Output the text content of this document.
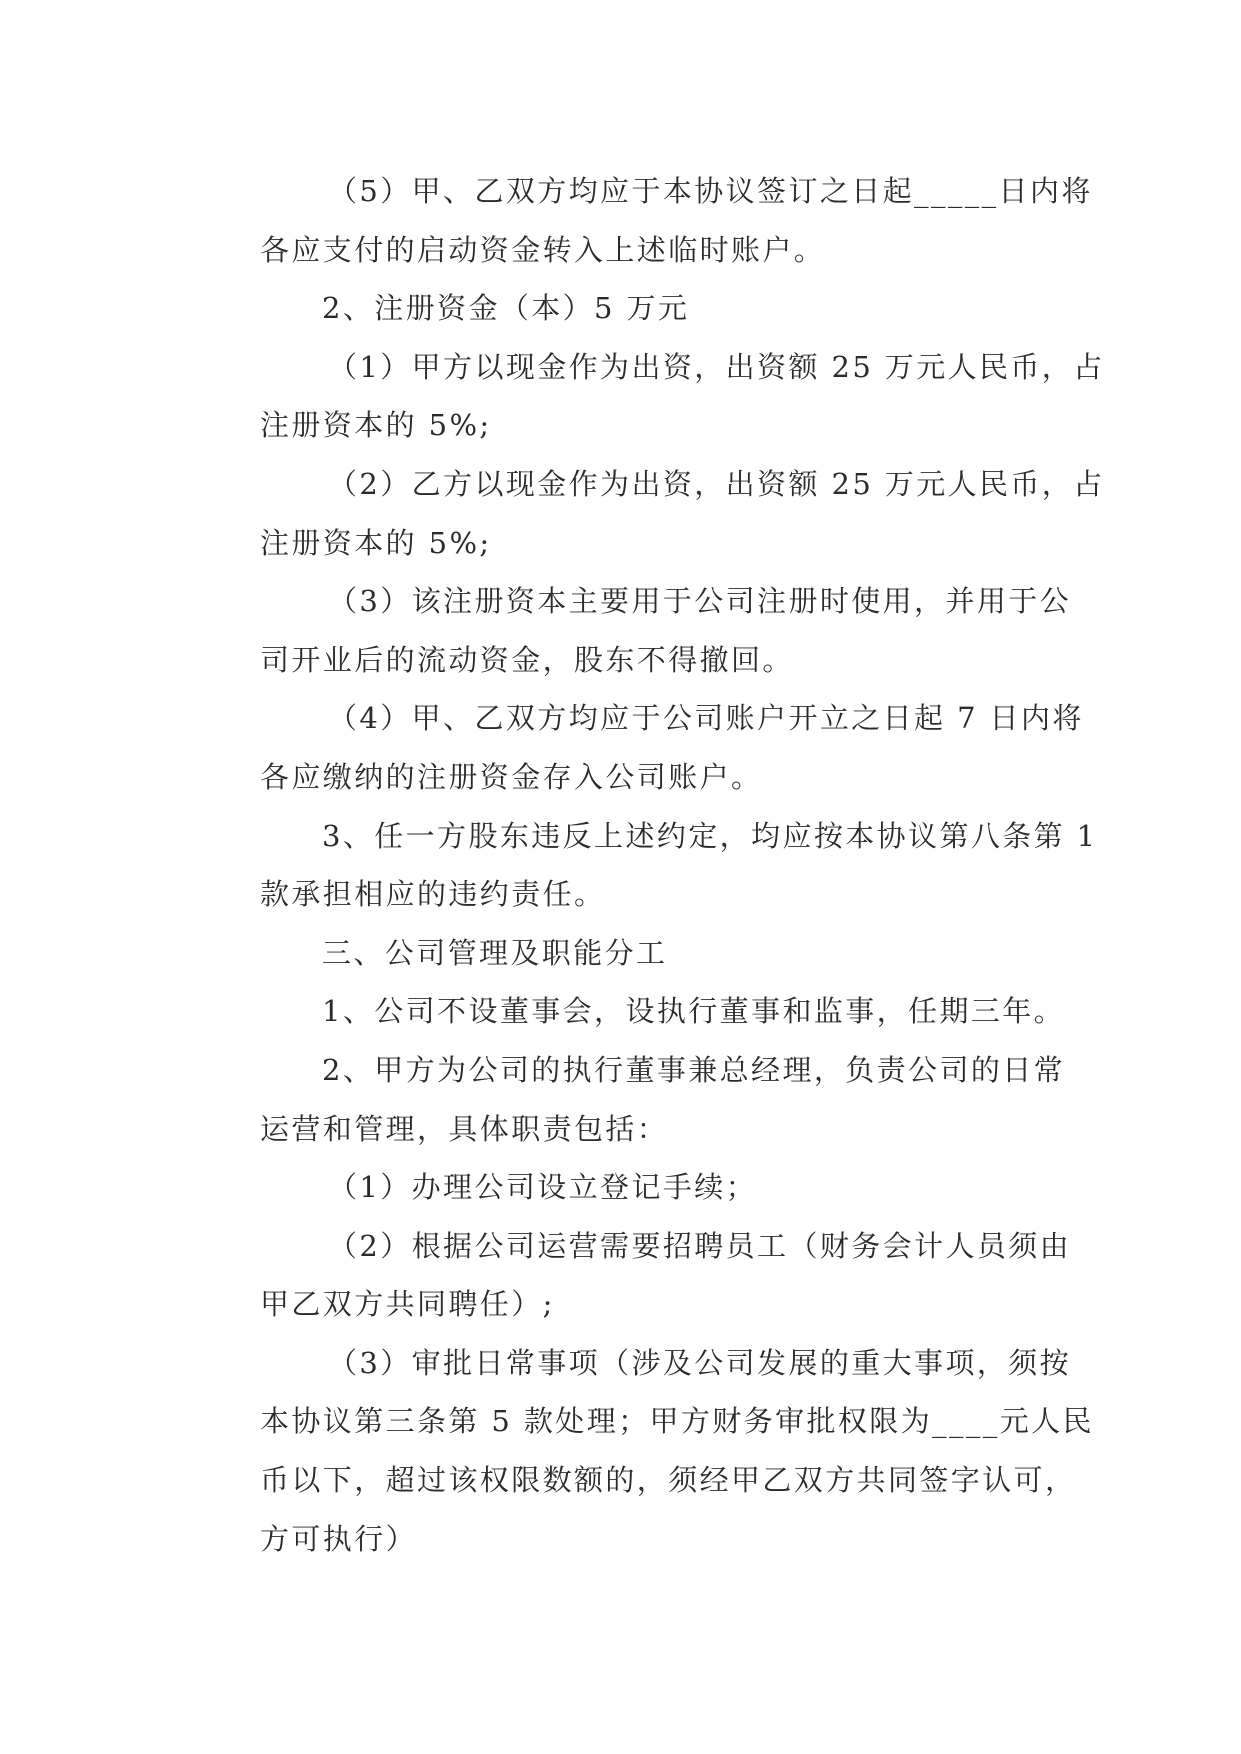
（5）甲、乙双方均应于本协议签订之日起_____日内将
各应支付的启动资金转入上述临时账户。

2、注册资金（本）5 万元

（1）甲方以现金作为出资，出资额 25 万元人民币，占
注册资本的 5%;

（2）乙方以现金作为出资，出资额 25 万元人民币，占
注册资本的 5%;

（3）该注册资本主要用于公司注册时使用，并用于公
司开业后的流动资金，股东不得撤回。

（4）甲、乙双方均应于公司账户开立之日起 7 日内将
各应缴纳的注册资金存入公司账户。

3、任一方股东违反上述约定，均应按本协议第八条第 1
款承担相应的违约责任。

三、公司管理及职能分工

1、公司不设董事会，设执行董事和监事，任期三年。

2、甲方为公司的执行董事兼总经理，负责公司的日常
运营和管理，具体职责包括：

（1）办理公司设立登记手续；

（2）根据公司运营需要招聘员工（财务会计人员须由
甲乙双方共同聘任）;

（3）审批日常事项（涉及公司发展的重大事项，须按
本协议第三条第 5 款处理；甲方财务审批权限为____元人民
币以下，超过该权限数额的，须经甲乙双方共同签字认可，
方可执行）
